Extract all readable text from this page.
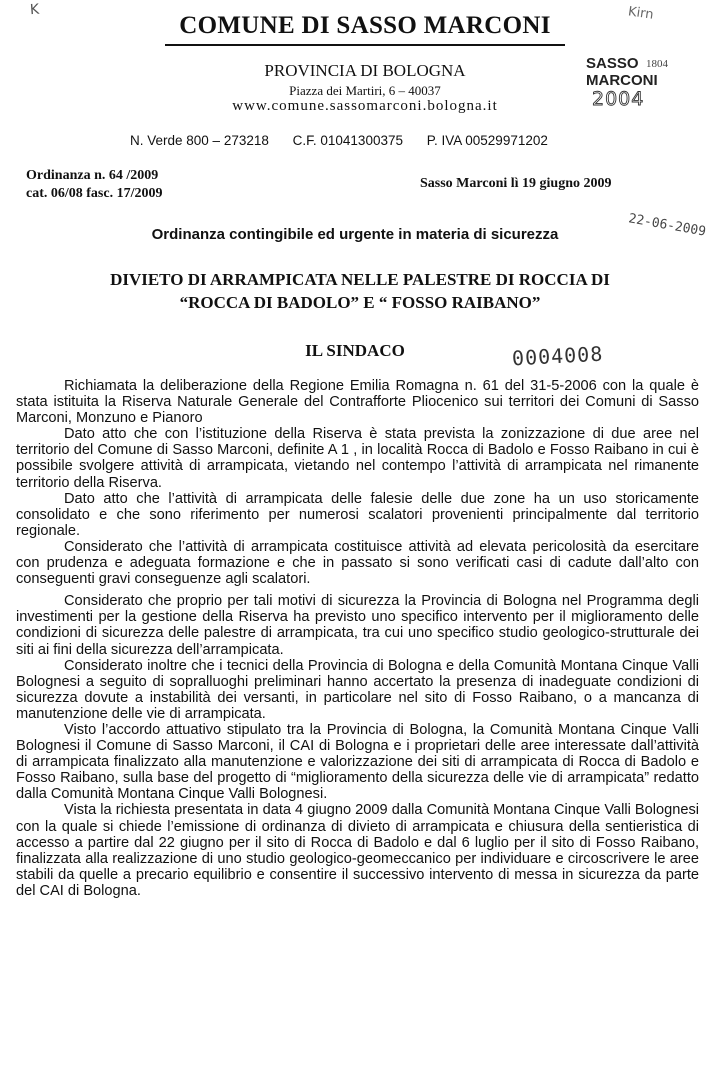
K	Kirn
COMUNE DI SASSO MARCONI
PROVINCIA DI BOLOGNA
Piazza dei Martiri, 6 – 40037
www.comune.sassomarconi.bologna.it
N. Verde 800 – 273218 C.F. 01041300375 P. IVA 00529971202
SASSO 1804
MARCONI
2004
Ordinanza n. 64 /2009
cat. 06/08 fasc. 17/2009
Sasso Marconi lì 19 giugno 2009
22-06-2009
Ordinanza contingibile ed urgente in materia di sicurezza
DIVIETO DI ARRAMPICATA NELLE PALESTRE DI ROCCIA DI
“ROCCA DI BADOLO” E “ FOSSO RAIBANO”
IL SINDACO	0004008

Richiamata la deliberazione della Regione Emilia Romagna n. 61 del 31-5-2006 con la quale è stata istituita la Riserva Naturale Generale del Contrafforte Pliocenico sui territori dei Comuni di Sasso Marconi, Monzuno e Pianoro

Dato atto che con l’istituzione della Riserva è stata prevista la zonizzazione di due aree nel territorio del Comune di Sasso Marconi, definite A 1 , in località Rocca di Badolo e Fosso Raibano in cui è possibile svolgere attività di arrampicata, vietando nel contempo l’attività di arrampicata nel rimanente territorio della Riserva.

Dato atto che l’attività di arrampicata delle falesie delle due zone ha un uso storicamente consolidato e che sono riferimento per numerosi scalatori provenienti principalmente dal territorio regionale.

Considerato che l’attività di arrampicata costituisce attività ad elevata pericolosità da esercitare con prudenza e adeguata formazione e che in passato si sono verificati casi di cadute dall’alto con conseguenti gravi conseguenze agli scalatori.

Considerato che proprio per tali motivi di sicurezza la Provincia di Bologna nel Programma degli investimenti per la gestione della Riserva ha previsto uno specifico intervento per il miglioramento delle condizioni di sicurezza delle palestre di arrampicata, tra cui uno specifico studio geologico-strutturale dei siti ai fini della sicurezza dell’arrampicata.

Considerato inoltre che i tecnici della Provincia di Bologna e della Comunità Montana Cinque Valli Bolognesi a seguito di sopralluoghi preliminari hanno accertato la presenza di inadeguate condizioni di sicurezza dovute a instabilità dei versanti, in particolare nel sito di Fosso Raibano, o a mancanza di manutenzione delle vie di arrampicata.

Visto l’accordo attuativo stipulato tra la Provincia di Bologna, la Comunità Montana Cinque Valli Bolognesi il Comune di Sasso Marconi, il CAI di Bologna e i proprietari delle aree interessate dall’attività di arrampicata finalizzato alla manutenzione e valorizzazione dei siti di arrampicata di Rocca di Badolo e Fosso Raibano, sulla base del progetto di “miglioramento della sicurezza delle vie di arrampicata” redatto dalla Comunità Montana Cinque Valli Bolognesi.

Vista la richiesta presentata in data 4 giugno 2009 dalla Comunità Montana Cinque Valli Bolognesi con la quale si chiede l’emissione di ordinanza di divieto di arrampicata e chiusura della sentieristica di accesso a partire dal 22 giugno per il sito di Rocca di Badolo e dal 6 luglio per il sito di Fosso Raibano, finalizzata alla realizzazione di uno studio geologico-geomeccanico per individuare e circoscrivere le aree stabili da quelle a precario equilibrio e consentire il successivo intervento di messa in sicurezza da parte del CAI di Bologna.
